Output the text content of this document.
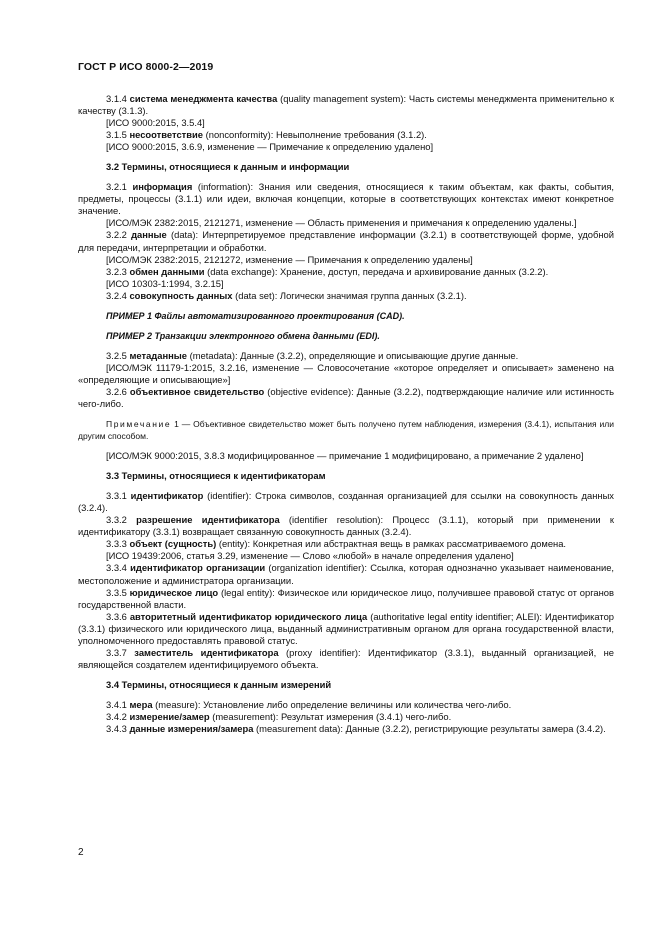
ГОСТ Р ИСО 8000-2—2019

3.1.4 система менеджмента качества (quality management system): Часть системы менеджмента применительно к качеству (3.1.3).

[ИСО 9000:2015, 3.5.4]

3.1.5 несоответствие (nonconformity): Невыполнение требования (3.1.2).

[ИСО 9000:2015, 3.6.9, изменение — Примечание к определению удалено]

3.2 Термины, относящиеся к данным и информации

3.2.1 информация (information): Знания или сведения, относящиеся к таким объектам, как факты, события, предметы, процессы (3.1.1) или идеи, включая концепции, которые в соответствующих контекстах имеют конкретное значение.

[ИСО/МЭК 2382:2015, 2121271, изменение — Область применения и примечания к определению удалены.]

3.2.2 данные (data): Интерпретируемое представление информации (3.2.1) в соответствующей форме, удобной для передачи, интерпретации и обработки.

[ИСО/МЭК 2382:2015, 2121272, изменение — Примечания к определению удалены]

3.2.3 обмен данными (data exchange): Хранение, доступ, передача и архивирование данных (3.2.2).

[ИСО 10303-1:1994, 3.2.15]

3.2.4 совокупность данных (data set): Логически значимая группа данных (3.2.1).

ПРИМЕР 1 Файлы автоматизированного проектирования (CAD).

ПРИМЕР 2 Транзакции электронного обмена данными (EDI).

3.2.5 метаданные (metadata): Данные (3.2.2), определяющие и описывающие другие данные.

[ИСО/МЭК 11179-1:2015, 3.2.16, изменение — Словосочетание «которое определяет и описывает» заменено на «определяющие и описывающие»]

3.2.6 объективное свидетельство (objective evidence): Данные (3.2.2), подтверждающие наличие или истинность чего-либо.

Примечание 1 — Объективное свидетельство может быть получено путем наблюдения, измерения (3.4.1), испытания или другим способом.

[ИСО/МЭК 9000:2015, 3.8.3 модифицированное — примечание 1 модифицировано, а примечание 2 удалено]

3.3 Термины, относящиеся к идентификаторам

3.3.1 идентификатор (identifier): Строка символов, созданная организацией для ссылки на совокупность данных (3.2.4).

3.3.2 разрешение идентификатора (identifier resolution): Процесс (3.1.1), который при применении к идентификатору (3.3.1) возвращает связанную совокупность данных (3.2.4).

3.3.3 объект (сущность) (entity): Конкретная или абстрактная вещь в рамках рассматриваемого домена.

[ИСО 19439:2006, статья 3.29, изменение — Слово «любой» в начале определения удалено]

3.3.4 идентификатор организации (organization identifier): Ссылка, которая однозначно указывает наименование, местоположение и администратора организации.

3.3.5 юридическое лицо (legal entity): Физическое или юридическое лицо, получившее правовой статус от органов государственной власти.

3.3.6 авторитетный идентификатор юридического лица (authoritative legal entity identifier; ALEI): Идентификатор (3.3.1) физического или юридического лица, выданный административным органом для органа государственной власти, уполномоченного предоставлять правовой статус.

3.3.7 заместитель идентификатора (proxy identifier): Идентификатор (3.3.1), выданный организацией, не являющейся создателем идентифицируемого объекта.

3.4 Термины, относящиеся к данным измерений

3.4.1 мера (measure): Установление либо определение величины или количества чего-либо.

3.4.2 измерение/замер (measurement): Результат измерения (3.4.1) чего-либо.

3.4.3 данные измерения/замера (measurement data): Данные (3.2.2), регистрирующие результаты замера (3.4.2).

2
